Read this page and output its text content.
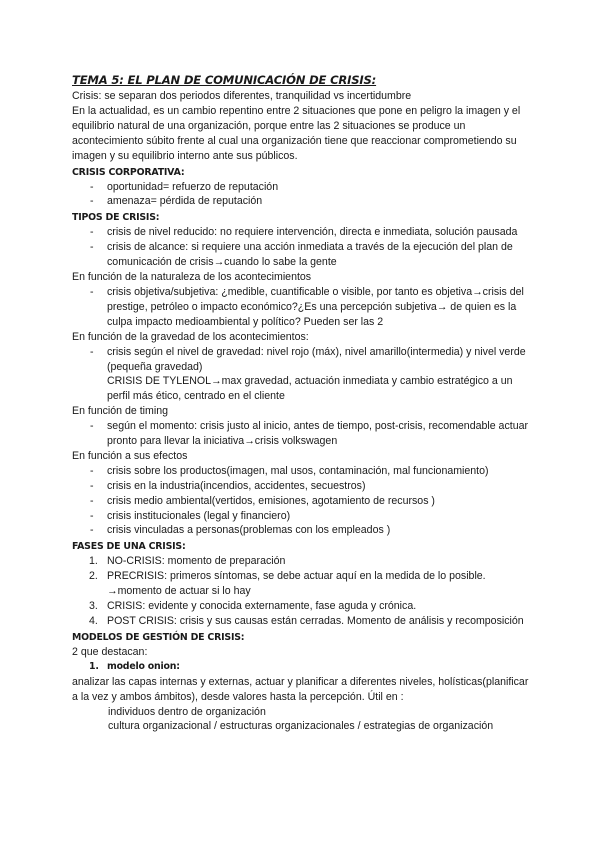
TEMA 5: EL PLAN DE COMUNICACIÓN DE CRISIS:

Crisis: se separan dos periodos diferentes, tranquilidad vs incertidumbre

En la actualidad, es un cambio repentino entre 2 situaciones que pone en peligro la imagen y el equilibrio natural de una organización, porque entre las 2 situaciones se produce un acontecimiento súbito frente al cual una organización tiene que reaccionar comprometiendo su imagen y su equilibrio interno ante sus públicos.

CRISIS CORPORATIVA:
- oportunidad= refuerzo de reputación
- amenaza= pérdida de reputación
TIPOS DE CRISIS:
- crisis de nivel reducido: no requiere intervención, directa e inmediata, solución pausada
- crisis de alcance: si requiere una acción inmediata a través de la ejecución del plan de comunicación de crisis→cuando lo sabe la gente

En función de la naturaleza de los acontecimientos

- crisis objetiva/subjetiva: ¿medible, cuantificable o visible, por tanto es objetiva→crisis del prestige, petróleo o impacto económico?¿Es una percepción subjetiva→ de quien es la culpa impacto medioambiental y político? Pueden ser las 2

En función de la gravedad de los acontecimientos:

- crisis según el nivel de gravedad: nivel rojo (máx), nivel amarillo(intermedia) y nivel verde (pequeña gravedad)

CRISIS DE TYLENOL→max gravedad, actuación inmediata y cambio estratégico a un perfil más ético, centrado en el cliente

En función de timing

- según el momento: crisis justo al inicio, antes de tiempo, post-crisis, recomendable actuar pronto para llevar la iniciativa→crisis volkswagen

En función a sus efectos

- crisis sobre los productos(imagen, mal usos, contaminación, mal funcionamiento)
- crisis en la industria(incendios, accidentes, secuestros)
- crisis medio ambiental(vertidos, emisiones, agotamiento de recursos )
- crisis institucionales (legal y financiero)
- crisis vinculadas a personas(problemas con los empleados )
FASES DE UNA CRISIS:
1. NO-CRISIS: momento de preparación
2. PRECRISIS: primeros síntomas, se debe actuar aquí en la medida de lo posible. →momento de actuar si lo hay
3. CRISIS: evidente y conocida externamente, fase aguda y crónica.
4. POST CRISIS: crisis y sus causas están cerradas. Momento de análisis y recomposición
MODELOS DE GESTIÓN DE CRISIS:

2 que destacan:

1. modelo onion:

analizar las capas internas y externas, actuar y planificar a diferentes niveles, holísticas(planificar a la vez y ambos ámbitos), desde valores hasta la percepción. Útil en :

individuos dentro de organización

cultura organizacional / estructuras organizacionales / estrategias de organización
